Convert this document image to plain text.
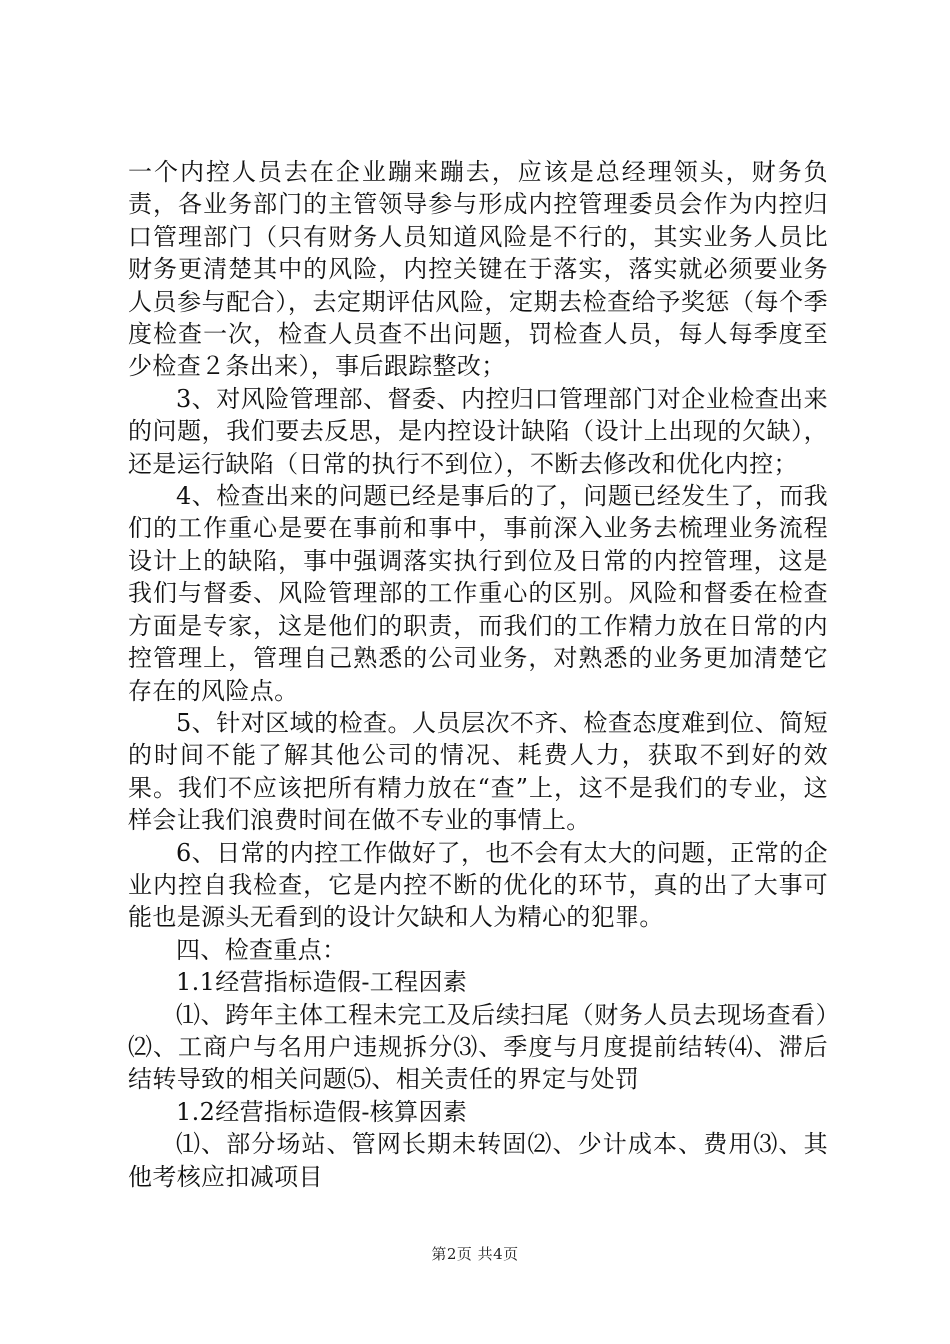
一个内控人员去在企业蹦来蹦去，应该是总经理领头，财务负责，各业务部门的主管领导参与形成内控管理委员会作为内控归口管理部门（只有财务人员知道风险是不行的，其实业务人员比财务更清楚其中的风险，内控关键在于落实，落实就必须要业务人员参与配合），去定期评估风险，定期去检查给予奖惩（每个季度检查一次，检查人员查不出问题，罚检查人员，每人每季度至少检查２条出来），事后跟踪整改；

3、对风险管理部、督委、内控归口管理部门对企业检查出来的问题，我们要去反思，是内控设计缺陷（设计上出现的欠缺），还是运行缺陷（日常的执行不到位），不断去修改和优化内控；

4、检查出来的问题已经是事后的了，问题已经发生了，而我们的工作重心是要在事前和事中，事前深入业务去梳理业务流程设计上的缺陷，事中强调落实执行到位及日常的内控管理，这是我们与督委、风险管理部的工作重心的区别。风险和督委在检查方面是专家，这是他们的职责，而我们的工作精力放在日常的内控管理上，管理自己熟悉的公司业务，对熟悉的业务更加清楚它存在的风险点。

5、针对区域的检查。人员层次不齐、检查态度难到位、简短的时间不能了解其他公司的情况、耗费人力，获取不到好的效果。我们不应该把所有精力放在“查”上，这不是我们的专业，这样会让我们浪费时间在做不专业的事情上。

6、日常的内控工作做好了，也不会有太大的问题，正常的企业内控自我检查，它是内控不断的优化的环节，真的出了大事可能也是源头无看到的设计欠缺和人为精心的犯罪。

四、检查重点：

1.1经营指标造假-工程因素

⑴、跨年主体工程未完工及后续扫尾（财务人员去现场查看）⑵、工商户与名用户违规拆分⑶、季度与月度提前结转⑷、滞后结转导致的相关问题⑸、相关责任的界定与处罚

1.2经营指标造假-核算因素

⑴、部分场站、管网长期未转固⑵、少计成本、费用⑶、其他考核应扣减项目

第2页 共4页
